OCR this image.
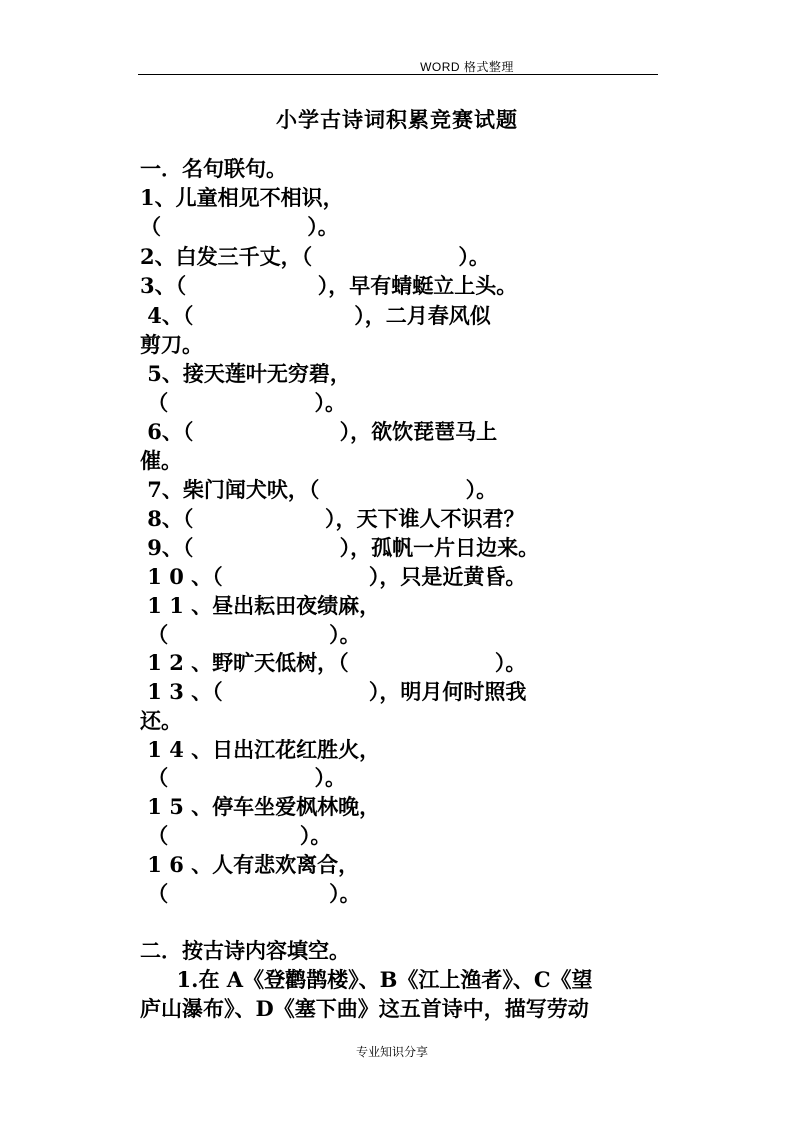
WORD 格式整理
小学古诗词积累竞赛试题
一．名句联句。
1、儿童相见不相识，
（                    ）。
2、白发三千丈，（                    ）。
3、（                  ），早有蜻蜓立上头。
4、（                      ），二月春风似
剪刀。
5、接天莲叶无穷碧，
（                    ）。
6、（                    ），欲饮琵琶马上
催。
7、柴门闻犬吠，（                    ）。
8、（                  ），天下谁人不识君？
9、（                    ），孤帆一片日边来。
1 0 、（                    ），只是近黄昏。
1 1 、昼出耘田夜绩麻，
（                      ）。
1 2 、野旷天低树，（                    ）。
1 3 、（                    ），明月何时照我
还。
1 4 、日出江花红胜火，
（                    ）。
1 5 、停车坐爱枫林晚，
（                  ）。
1 6 、人有悲欢离合，
（                      ）。
二．按古诗内容填空。
1.在 A《登鹳鹊楼》、B《江上渔者》、C《望
庐山瀑布》、D《塞下曲》这五首诗中，描写劳动
专业知识分享
